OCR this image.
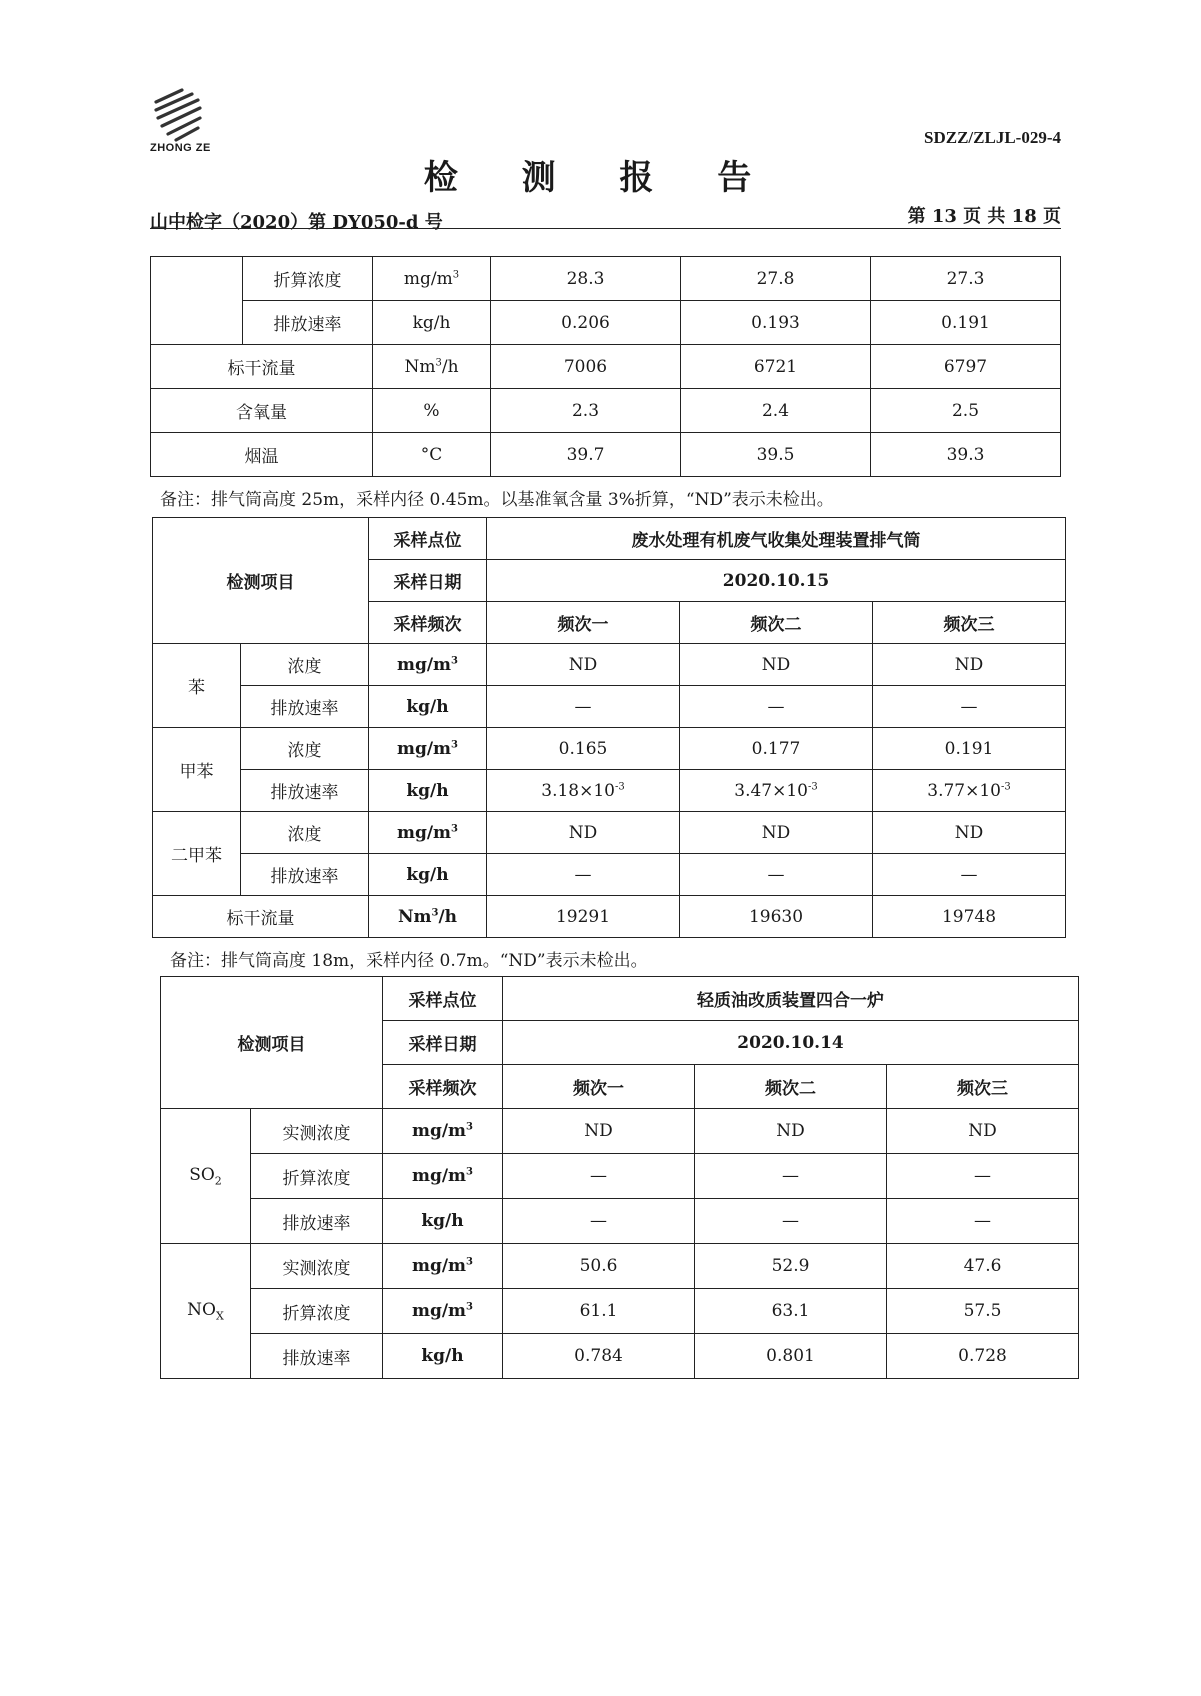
ZHONG ZE
SDZZ/ZLJL-029-4
检 测 报 告
山中检字（2020）第 DY050-d 号	第 13 页 共 18 页
	折算浓度	$mg/m^3$	28.3	27.8	27.3
	排放速率	kg/h	0.206	0.193	0.191
标干流量		Nm$^3$/h	7006	6721	6797
含氧量		%	2.3	2.4	2.5
烟温		°C	39.7	39.5	39.3
备注：排气筒高度 25m，采样内径 0.45m。以基准氧含量 3%折算，“ND”表示未检出。
检测项目		采样点位	废水处理有机废气收集处理装置排气筒		
		采样日期	2020.10.15		
		采样频次	频次一	频次二	频次三
苯	浓度	$mg/m^3$	ND	ND	ND
	排放速率	kg/h	—	—	—
甲苯	浓度	$mg/m^3$	0.165	0.177	0.191
	排放速率	kg/h	$3.18\times 10^{-3}$	$3.47\times 10^{-3}$	$3.77\times 10^{-3}$
二甲苯	浓度	$mg/m^3$	ND	ND	ND
	排放速率	kg/h	—	—	—
标干流量		Nm$^3$/h	19291	19630	19748
备注：排气筒高度 18m，采样内径 0.7m。“ND”表示未检出。
检测项目		采样点位	轻质油改质装置四合一炉		
		采样日期	2020.10.14		
		采样频次	频次一	频次二	频次三
$SO_2$	实测浓度	$mg/m^3$	ND	ND	ND
	折算浓度	$mg/m^3$	—	—	—
	排放速率	kg/h	—	—	—
$NO_X$	实测浓度	$mg/m^3$	50.6	52.9	47.6
	折算浓度	$mg/m^3$	61.1	63.1	57.5
	排放速率	kg/h	0.784	0.801	0.728
